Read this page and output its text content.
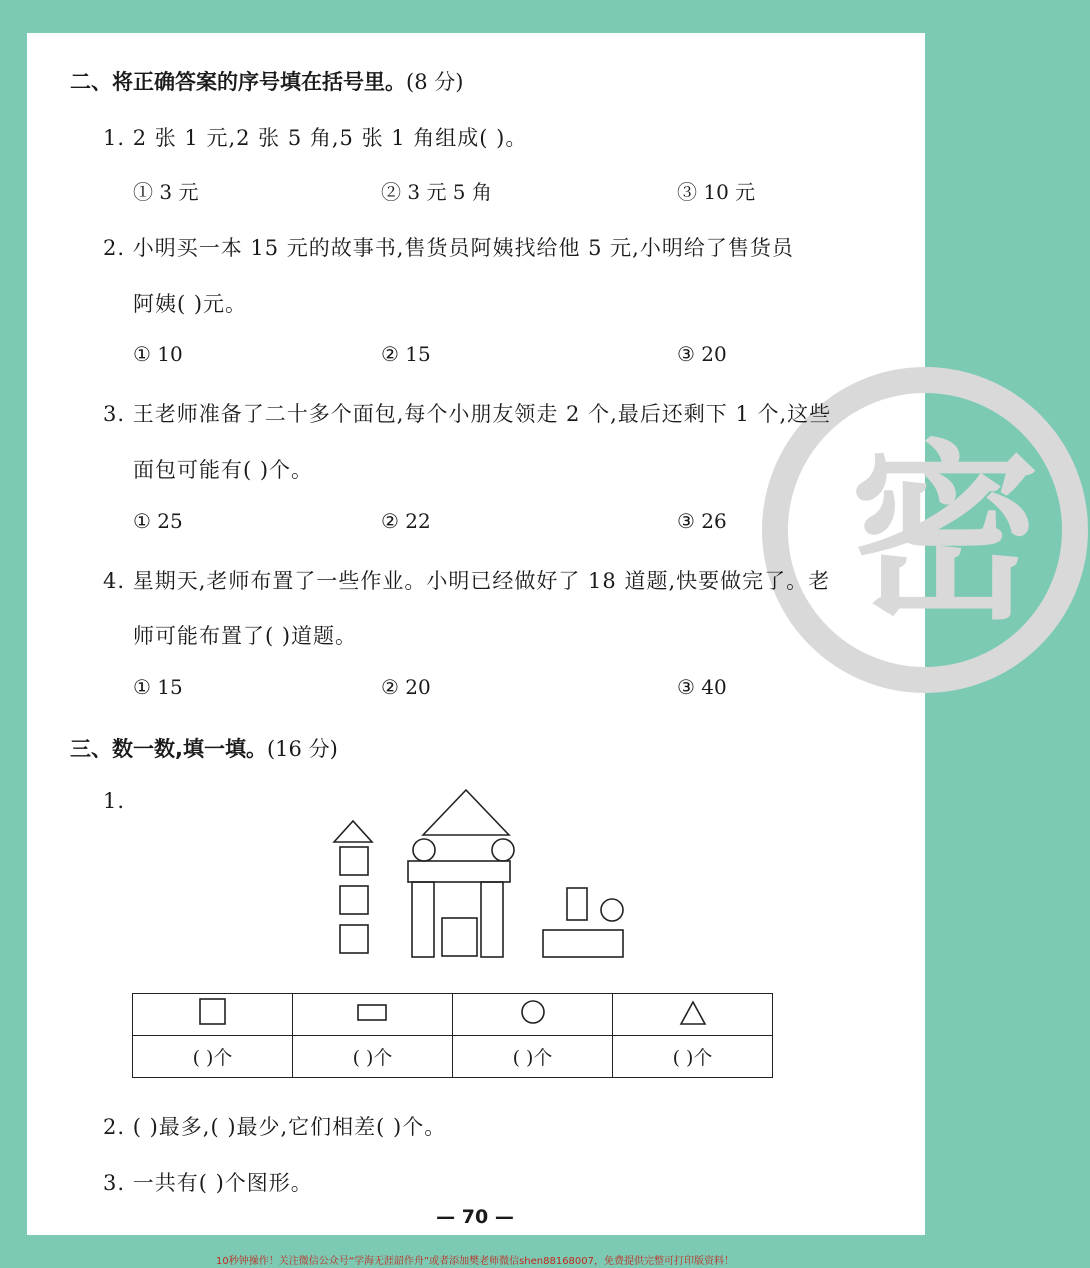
密
二、将正确答案的序号填在括号里。(8 分)
1. 2 张 1 元,2 张 5 角,5 张 1 角组成( )。
① 3 元	② 3 元 5 角	③ 10 元
2. 小明买一本 15 元的故事书,售货员阿姨找给他 5 元,小明给了售货员
阿姨( )元。
① 10	② 15	③ 20
3. 王老师准备了二十多个面包,每个小朋友领走 2 个,最后还剩下 1 个,这些
面包可能有( )个。
① 25	② 22	③ 26
4. 星期天,老师布置了一些作业。小明已经做好了 18 道题,快要做完了。老
师可能布置了( )道题。
① 15	② 20	③ 40
三、数一数,填一填。(16 分)
1.

( )个	( )个	( )个	( )个
2. ( )最多,( )最少,它们相差( )个。
3. 一共有( )个图形。
— 70 —
10秒钟操作！关注微信公众号“学海无涯韶作舟”或者添加樊老师微信shen88168007，免费提供完整可打印版资料！
